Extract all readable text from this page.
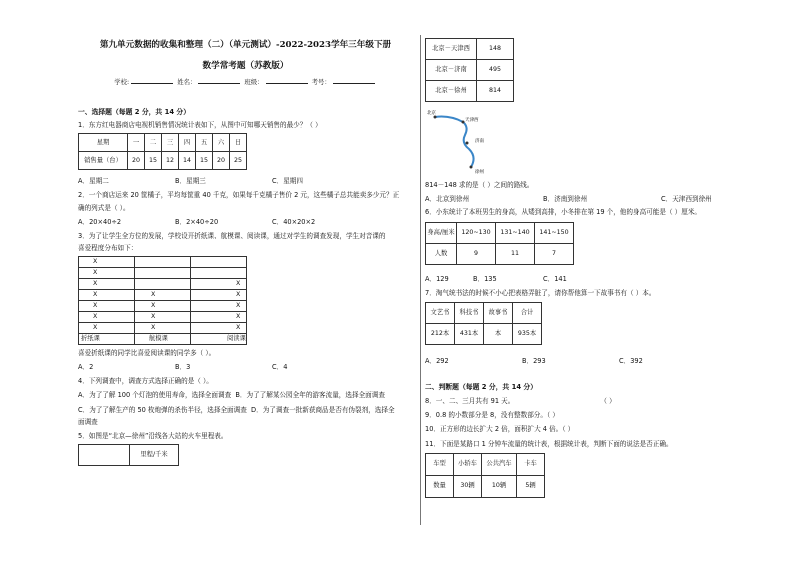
第九单元数据的收集和整理（二）（单元测试）-2022-2023学年三年级下册

数学常考题（苏教版）

学校:	姓名：	班级：	考号：

一、选择题（每题 2 分，共 14 分）

1．东方红电器商店电视机销售情况统计表如下，从图中可知哪天销售的最少？（ ）

星期	一	二	三	四	五	六	日
销售量（台）	20	15	12	14	15	20	25
A．星期二	B．星期三	C．星期四

2．一个商店运来 20 筐橘子，平均每筐重 40 千克，如果每千克橘子售价 2 元，这些橘子总共能卖多少元？正

确的列式是（ ）。

A．20×40÷2	B．2×40÷20	C．40×20×2

3．为了让学生全方位的发展，学校设开折纸课、航模课、阅读课，通过对学生的调查发现，学生对音课的

喜爱程度分布如下：

X		
X		
X		X
X	X	X
X	X	X
X	X	X
X	X	X
折纸课	航模课	阅读课

喜爱折纸课的同学比喜爱阅读课的同学多（ ）。

A．2	B．3	C．4

4．下列调查中，调查方式选择正确的是（ ）。

A．为了了解 100 个灯泡的使用寿命，选择全面调查 B．为了了解某公园全年的游客流量，选择全面调查

C．为了了解生产的 50 枚炮弹的杀伤半径，选择全面调查 D．为了调查一批新获商品是否有伪裂剂，选择全

面调查

5．如图是“北京—徐州”沿线各大站的火车里程表。

	里程/千米
北京－天津西	148
北京－济南	495
北京－徐州	814
北京
天津西
济南
徐州

814－148 求的是（ ）之间的路线。

A．北京到徐州	B．济南到徐州	C．天津西到徐州

6．小东统计了本班男生的身高，从矮到高排，小冬排在第 19 个，他的身高可能是（ ）厘米。

身高/厘米	120~130	131~140	141~150
人数	9	11	7
A．129	B．135	C．141

7．淘气统书法的时候不小心把表格弄脏了，请你帮他算一下故事书有（ ）本。

文艺书	科技书	故事书	合计
212本	431本	本	935本
A．292	B．293	C．392

二、判断题（每题 2 分，共 14 分）

8．一、二、三月共有 91 天。	（ ）

9．0.8 的小数部分是 8，没有整数部分。（ ）

10．正方形的边长扩大 2 倍，面积扩大 4 倍。（ ）

11．下面是某路口 1 分钟车流量的统计表，根据统计表，判断下面的说法是否正确。

车型	小轿车	公共汽车	卡车
数量	30辆	10辆	5辆
